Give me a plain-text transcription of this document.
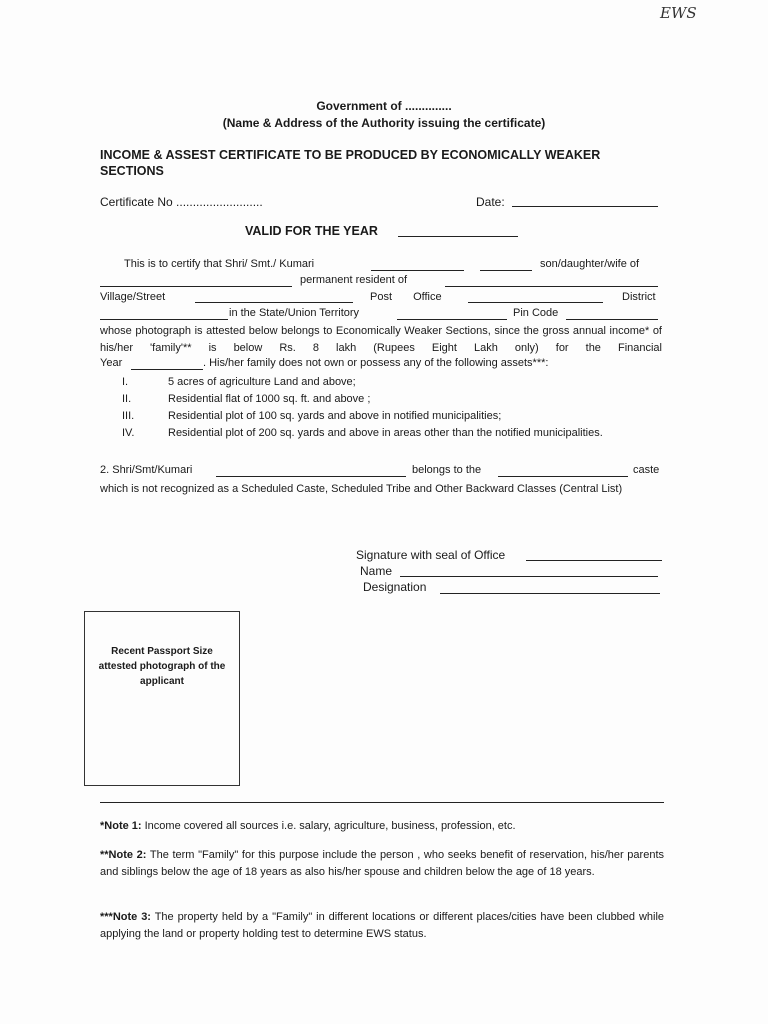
EWS
Government of ..............
(Name & Address of the Authority issuing the certificate)
INCOME & ASSEST CERTIFICATE TO BE PRODUCED BY ECONOMICALLY WEAKER SECTIONS
Certificate No ..........................	Date:
VALID FOR THE YEAR
This is to certify that Shri/ Smt./ Kumari	son/daughter/wife of
permanent resident of
Village/Street	Post Office	District
in the State/Union Territory	Pin Code
whose photograph is attested below belongs to Economically Weaker Sections, since the gross annual income* of his/her 'family'** is below Rs. 8 lakh (Rupees Eight Lakh only) for the Financial
Year	. His/her family does not own or possess any of the following assets***:
I.	5 acres of agriculture Land and above;
II.	Residential flat of 1000 sq. ft. and above ;
III.	Residential plot of 100 sq. yards and above in notified municipalities;
IV.	Residential plot of 200 sq. yards and above in areas other than the notified municipalities.
2. Shri/Smt/Kumari	belongs to the	caste
which is not recognized as a Scheduled Caste, Scheduled Tribe and Other Backward Classes (Central List)
Signature with seal of Office
Name
Designation
Recent Passport Size attested photograph of the applicant
*Note 1: Income covered all sources i.e. salary, agriculture, business, profession, etc.
**Note 2: The term "Family" for this purpose include the person , who seeks benefit of reservation, his/her parents and siblings below the age of 18 years as also his/her spouse and children below the age of 18 years.
***Note 3: The property held by a "Family" in different locations or different places/cities have been clubbed while applying the land or property holding test to determine EWS status.
